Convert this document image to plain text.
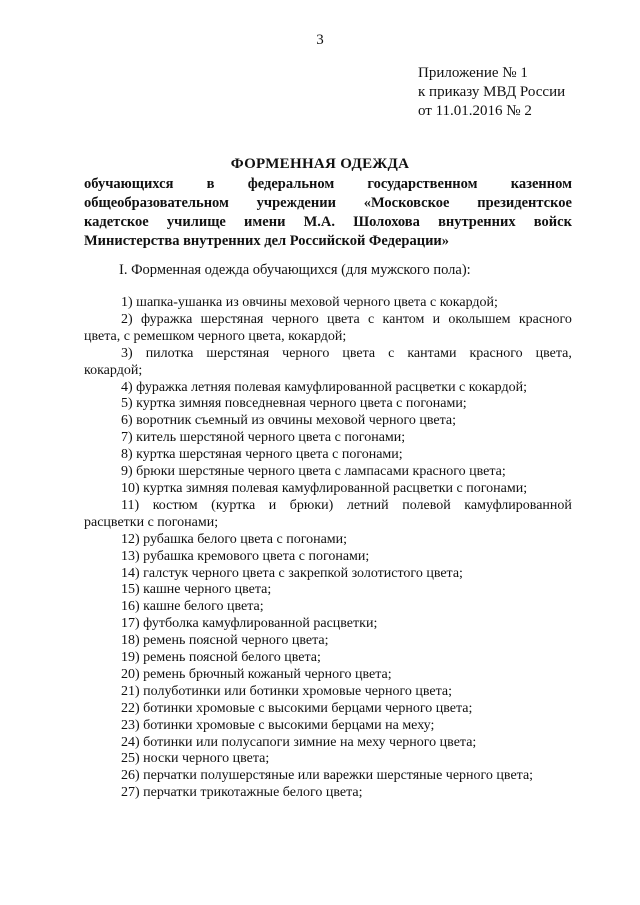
3
Приложение № 1
к приказу МВД России
от 11.01.2016 № 2
ФОРМЕННАЯ ОДЕЖДА
обучающихся в федеральном государственном казенном
общеобразовательном учреждении «Московское президентское
кадетское училище имени М.А. Шолохова внутренних войск
Министерства внутренних дел Российской Федерации»
I. Форменная одежда обучающихся (для мужского пола):
1) шапка-ушанка из овчины меховой черного цвета с кокардой;
2) фуражка шерстяная черного цвета с кантом и околышем красного
цвета, с ремешком черного цвета, кокардой;
3) пилотка шерстяная черного цвета с кантами красного цвета,
кокардой;
4) фуражка летняя полевая камуфлированной расцветки с кокардой;
5) куртка зимняя повседневная черного цвета с погонами;
6) воротник съемный из овчины меховой черного цвета;
7) китель шерстяной черного цвета с погонами;
8) куртка шерстяная черного цвета с погонами;
9) брюки шерстяные черного цвета с лампасами красного цвета;
10) куртка зимняя полевая камуфлированной расцветки с погонами;
11) костюм (куртка и брюки) летний полевой камуфлированной
расцветки с погонами;
12) рубашка белого цвета с погонами;
13) рубашка кремового цвета с погонами;
14) галстук черного цвета с закрепкой золотистого цвета;
15) кашне черного цвета;
16) кашне белого цвета;
17) футболка камуфлированной расцветки;
18) ремень поясной черного цвета;
19) ремень поясной белого цвета;
20) ремень брючный кожаный черного цвета;
21) полуботинки или ботинки хромовые черного цвета;
22) ботинки хромовые с высокими берцами черного цвета;
23) ботинки хромовые с высокими берцами на меху;
24) ботинки или полусапоги зимние на меху черного цвета;
25) носки черного цвета;
26) перчатки полушерстяные или варежки шерстяные черного цвета;
27) перчатки трикотажные белого цвета;
